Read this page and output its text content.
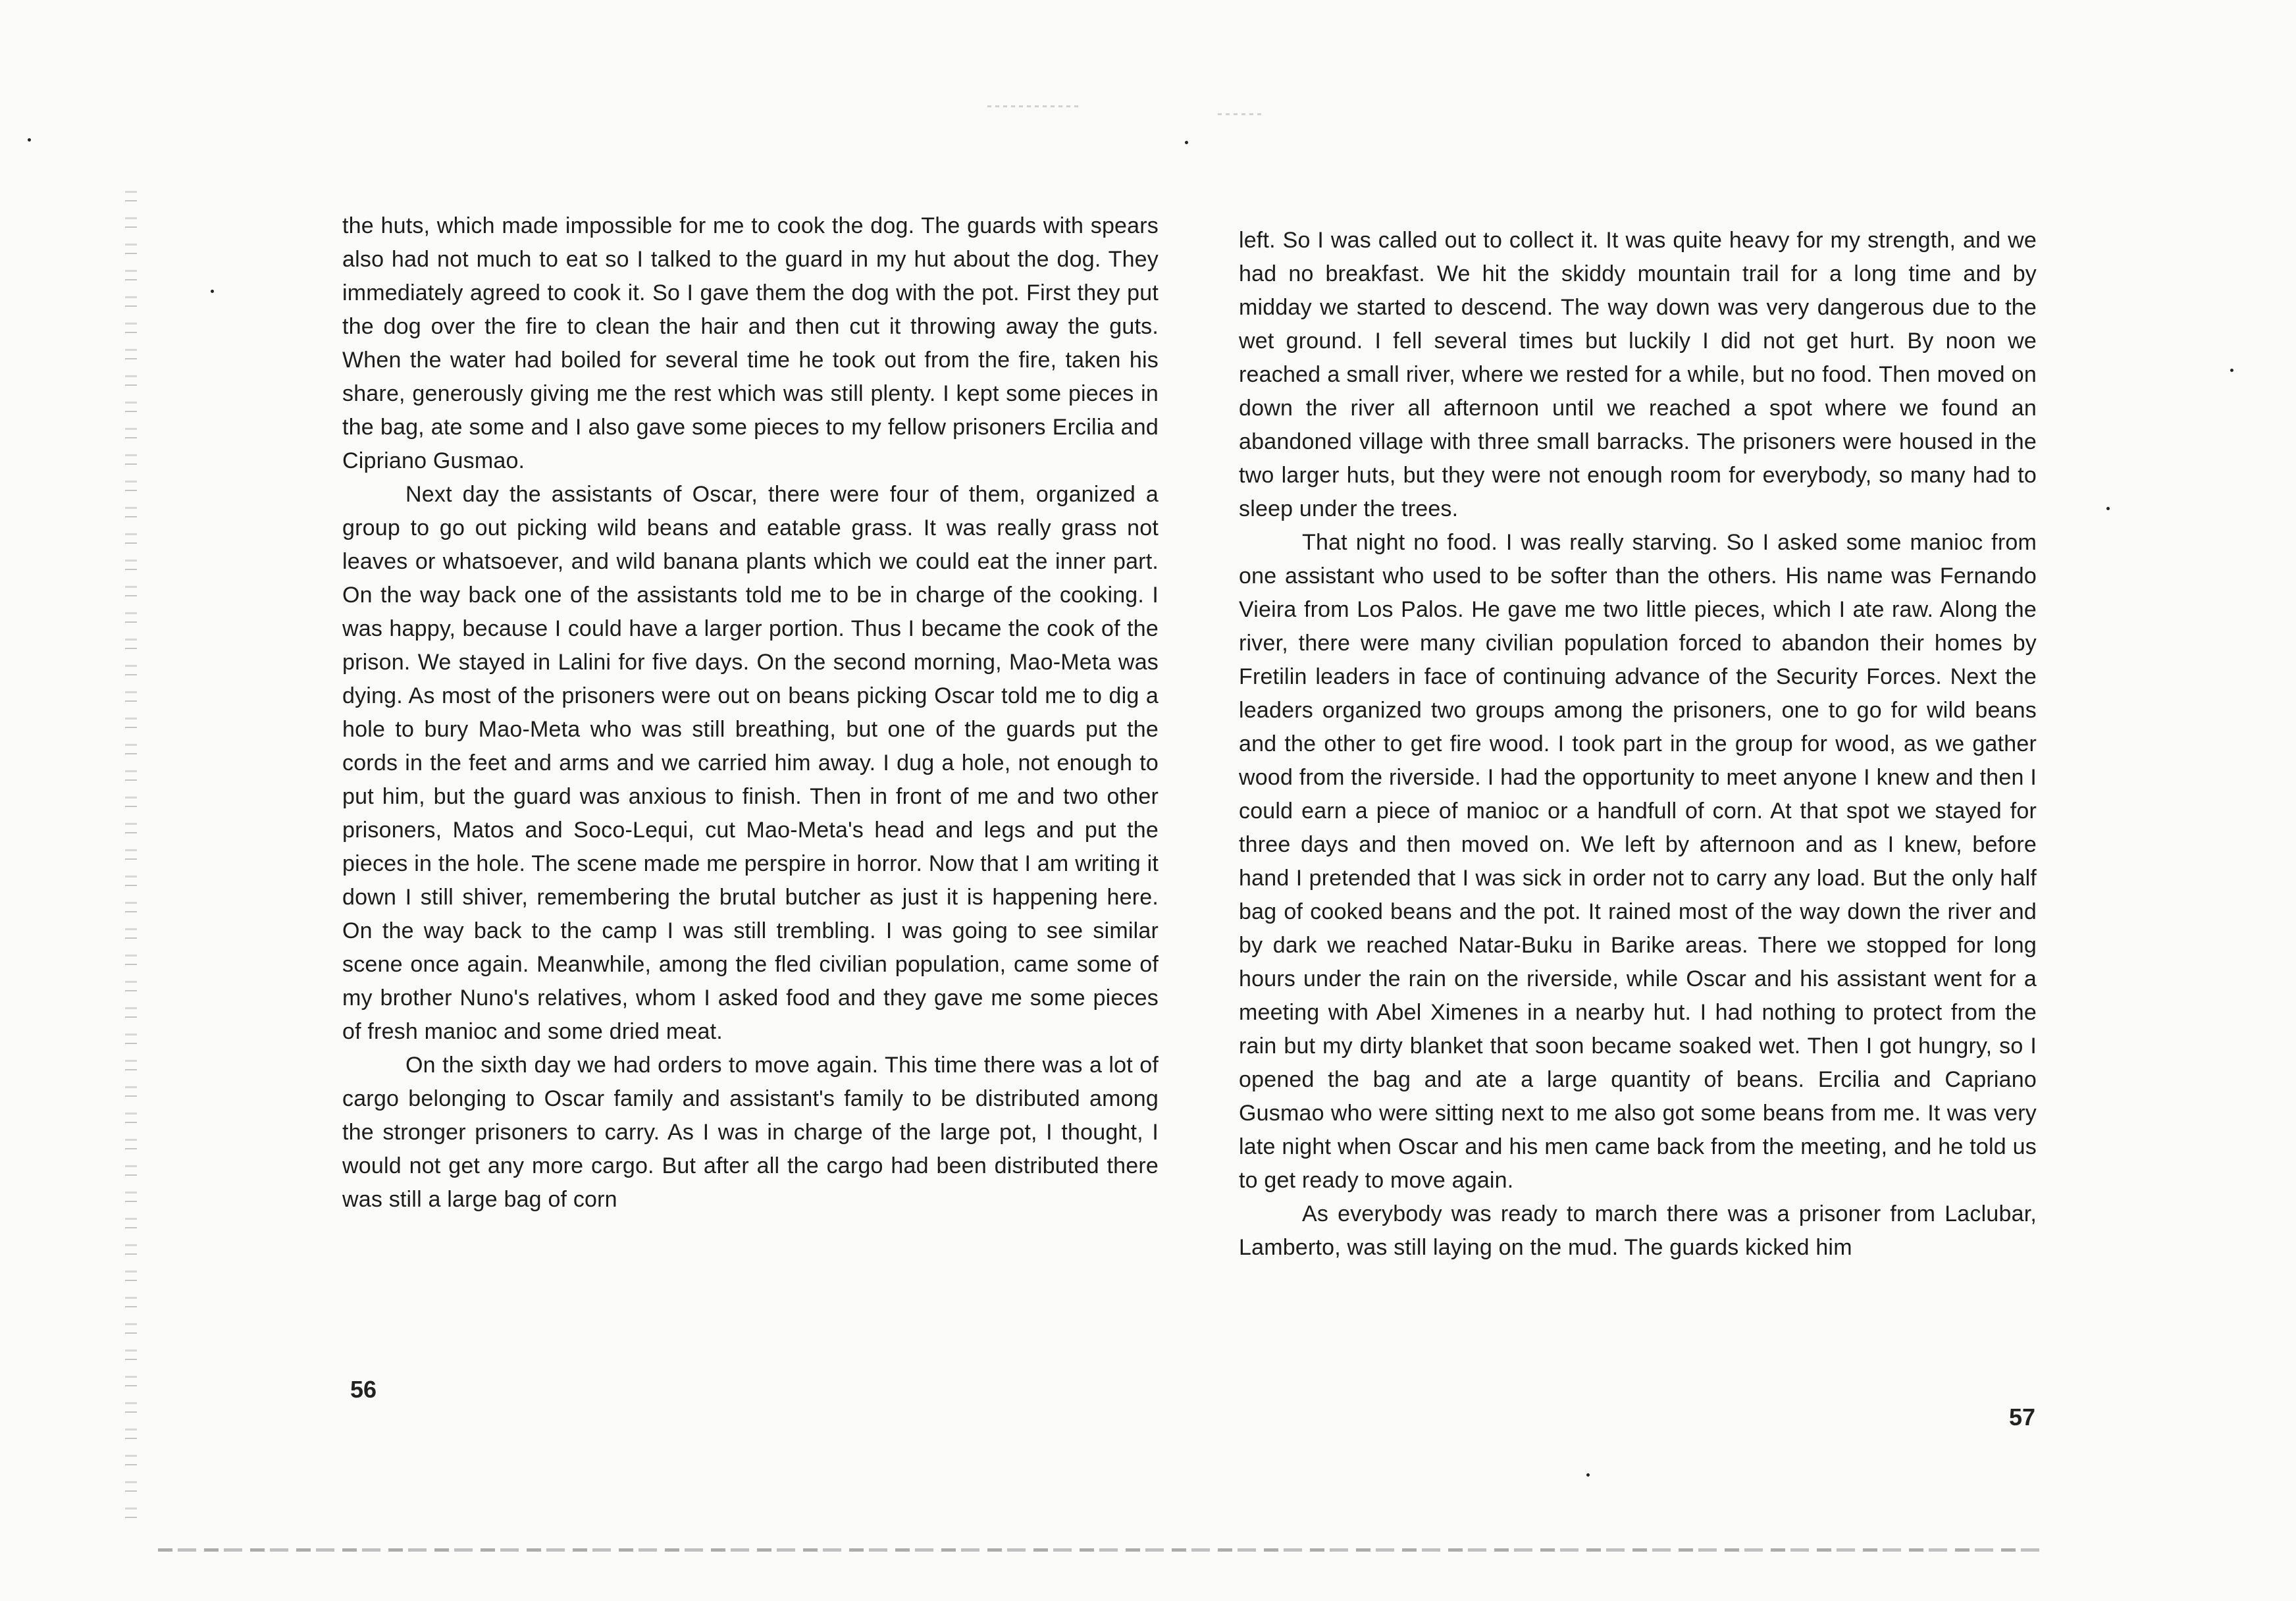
the huts, which made impossible for me to cook the dog. The guards with spears also had not much to eat so I talked to the guard in my hut about the dog. They immediately agreed to cook it. So I gave them the dog with the pot. First they put the dog over the fire to clean the hair and then cut it throwing away the guts. When the water had boiled for several time he took out from the fire, taken his share, generously giving me the rest which was still plenty. I kept some pieces in the bag, ate some and I also gave some pieces to my fellow prisoners Ercilia and Cipriano Gusmao.

Next day the assistants of Oscar, there were four of them, organized a group to go out picking wild beans and eatable grass. It was really grass not leaves or whatsoever, and wild banana plants which we could eat the inner part. On the way back one of the assistants told me to be in charge of the cooking. I was happy, because I could have a larger portion. Thus I became the cook of the prison. We stayed in Lalini for five days. On the second morning, Mao-Meta was dying. As most of the prisoners were out on beans picking Oscar told me to dig a hole to bury Mao-Meta who was still breathing, but one of the guards put the cords in the feet and arms and we carried him away. I dug a hole, not enough to put him, but the guard was anxious to finish. Then in front of me and two other prisoners, Matos and Soco-Lequi, cut Mao-Meta's head and legs and put the pieces in the hole. The scene made me perspire in horror. Now that I am writing it down I still shiver, remembering the brutal butcher as just it is happening here. On the way back to the camp I was still trembling. I was going to see similar scene once again. Meanwhile, among the fled civilian population, came some of my brother Nuno's relatives, whom I asked food and they gave me some pieces of fresh manioc and some dried meat.

On the sixth day we had orders to move again. This time there was a lot of cargo belonging to Oscar family and assistant's family to be distributed among the stronger prisoners to carry. As I was in charge of the large pot, I thought, I would not get any more cargo. But after all the cargo had been distributed there was still a large bag of corn

56

left. So I was called out to collect it. It was quite heavy for my strength, and we had no breakfast. We hit the skiddy mountain trail for a long time and by midday we started to descend. The way down was very dangerous due to the wet ground. I fell several times but luckily I did not get hurt. By noon we reached a small river, where we rested for a while, but no food. Then moved on down the river all afternoon until we reached a spot where we found an abandoned village with three small barracks. The prisoners were housed in the two larger huts, but they were not enough room for everybody, so many had to sleep under the trees.

That night no food. I was really starving. So I asked some manioc from one assistant who used to be softer than the others. His name was Fernando Vieira from Los Palos. He gave me two little pieces, which I ate raw. Along the river, there were many civilian population forced to abandon their homes by Fretilin leaders in face of continuing advance of the Security Forces. Next the leaders organized two groups among the prisoners, one to go for wild beans and the other to get fire wood. I took part in the group for wood, as we gather wood from the riverside. I had the opportunity to meet anyone I knew and then I could earn a piece of manioc or a handfull of corn. At that spot we stayed for three days and then moved on. We left by afternoon and as I knew, before hand I pretended that I was sick in order not to carry any load. But the only half bag of cooked beans and the pot. It rained most of the way down the river and by dark we reached Natar-Buku in Barike areas. There we stopped for long hours under the rain on the riverside, while Oscar and his assistant went for a meeting with Abel Ximenes in a nearby hut. I had nothing to protect from the rain but my dirty blanket that soon became soaked wet. Then I got hungry, so I opened the bag and ate a large quantity of beans. Ercilia and Capriano Gusmao who were sitting next to me also got some beans from me. It was very late night when Oscar and his men came back from the meeting, and he told us to get ready to move again.

As everybody was ready to march there was a prisoner from Laclubar, Lamberto, was still laying on the mud. The guards kicked him

57
